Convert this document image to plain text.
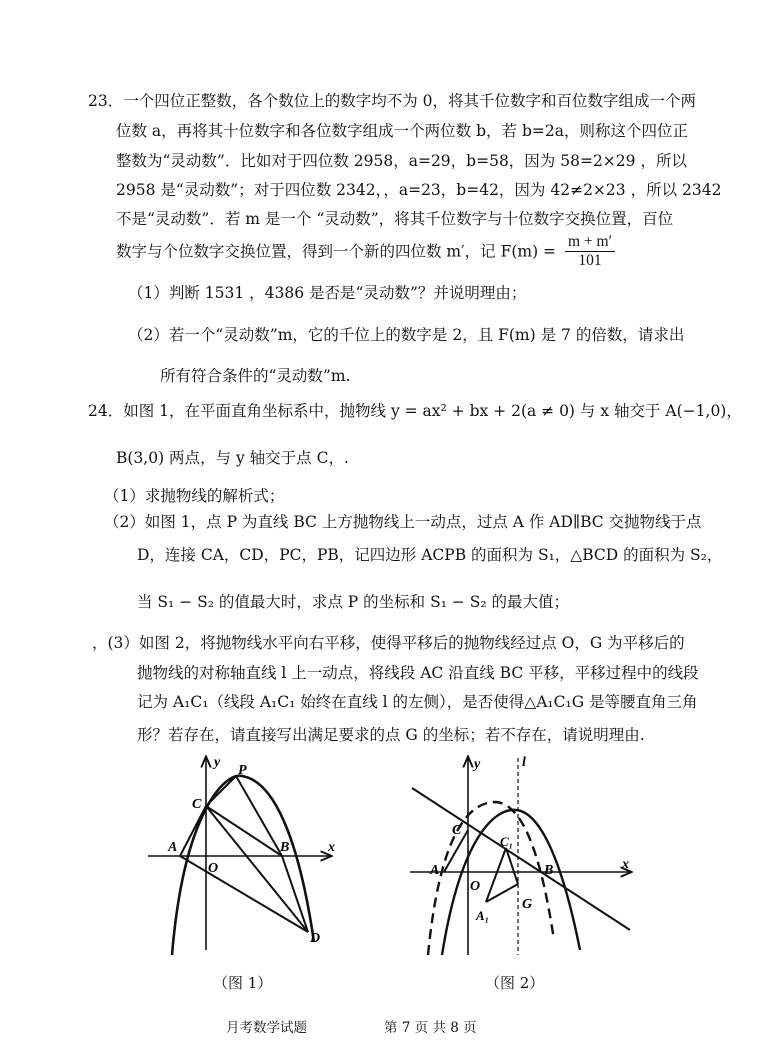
23．一个四位正整数，各个数位上的数字均不为 0，将其千位数字和百位数字组成一个两
位数 a，再将其十位数字和各位数字组成一个两位数 b，若 b=2a，则称这个四位正
整数为“灵动数”．比如对于四位数 2958，a=29，b=58，因为 58=2×29 ，所以
2958 是“灵动数”；对于四位数 2342，，a=23，b=42，因为 42≠2×23 ，所以 2342
不是“灵动数”．若 m 是一个 “灵动数”，将其千位数字与十位数字交换位置，百位
数字与个位数字交换位置，得到一个新的四位数 m′，记 $F(m) = \frac{m + m'}{101}$
（1）判断 1531 ，4386 是否是“灵动数”？并说明理由；
（2）若一个“灵动数”m，它的千位上的数字是 2，且 F(m) 是 7 的倍数，请求出
所有符合条件的“灵动数”m.
24．如图 1，在平面直角坐标系中，抛物线 y = ax² + bx + 2(a ≠ 0) 与 x 轴交于 A(−1,0)，
B(3,0) 两点，与 y 轴交于点 C，.
（1）求抛物线的解析式；
（2）如图 1，点 P 为直线 BC 上方抛物线上一动点，过点 A 作 AD∥BC 交抛物线于点
D，连接 CA，CD，PC，PB，记四边形 ACPB 的面积为 S₁，△BCD 的面积为 S₂，
当 S₁ − S₂ 的值最大时，求点 P 的坐标和 S₁ − S₂ 的最大值；
，(3）如图 2，将抛物线水平向右平移，使得平移后的抛物线经过点 O，G 为平移后的
抛物线的对称轴直线 l 上一动点，将线段 AC 沿直线 BC 平移，平移过程中的线段
记为 A₁C₁（线段 A₁C₁ 始终在直线 l 的左侧），是否使得△A₁C₁G 是等腰直角三角
形？若存在，请直接写出满足要求的点 G 的坐标；若不存在，请说明理由.
y
x
P
C
A
O
B
D
（图 1）
y	l
C
C₁
A
O
B	x
G
A₁
（图 2）
月考数学试题	第 7 页 共 8 页
